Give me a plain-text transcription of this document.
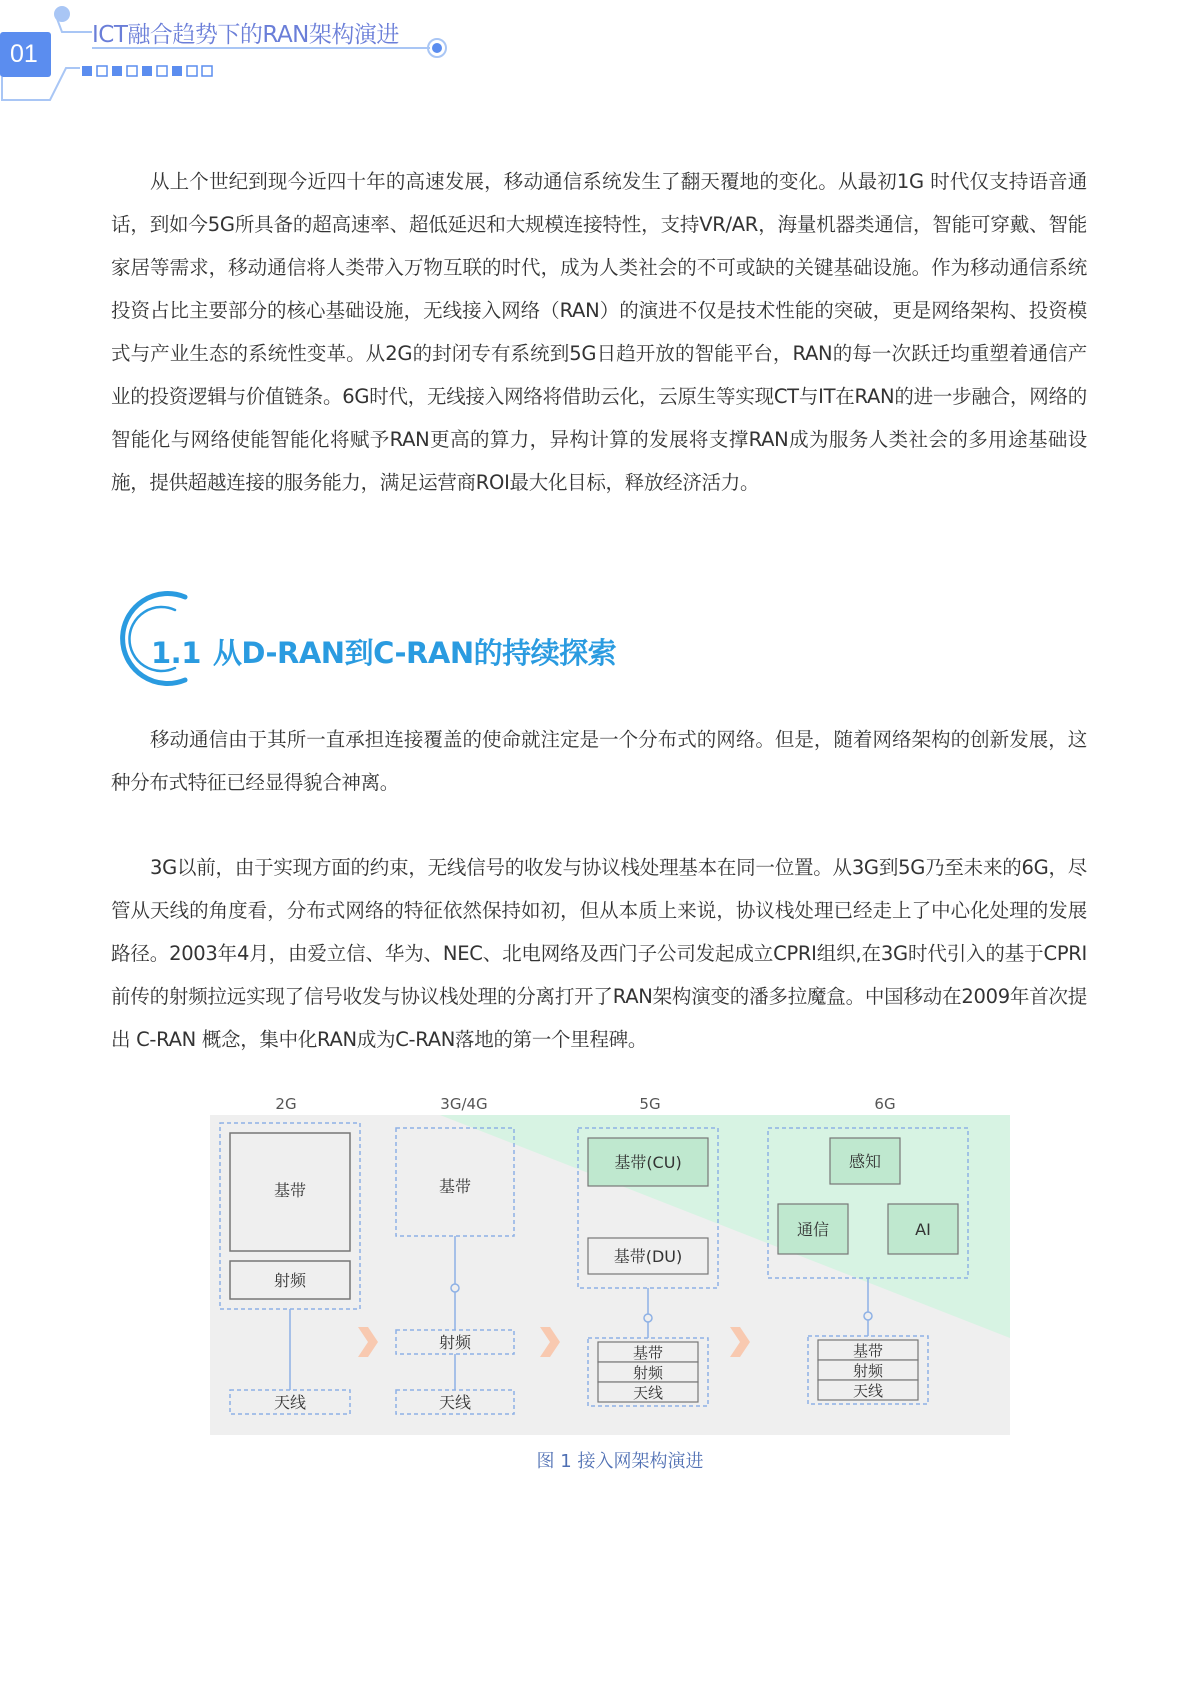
01
ICT融合趋势下的RAN架构演进

从上个世纪到现今近四十年的高速发展，移动通信系统发生了翻天覆地的变化。从最初1G 时代仅支持语音通话，到如今5G所具备的超高速率、超低延迟和大规模连接特性，支持VR/AR，海量机器类通信，智能可穿戴、智能家居等需求，移动通信将人类带入万物互联的时代，成为人类社会的不可或缺的关键基础设施。作为移动通信系统投资占比主要部分的核心基础设施，无线接入网络（RAN）的演进不仅是技术性能的突破，更是网络架构、投资模式与产业生态的系统性变革。从2G的封闭专有系统到5G日趋开放的智能平台，RAN的每一次跃迁均重塑着通信产业的投资逻辑与价值链条。6G时代，无线接入网络将借助云化，云原生等实现CT与IT在RAN的进一步融合，网络的智能化与网络使能智能化将赋予RAN更高的算力，异构计算的发展将支撑RAN成为服务人类社会的多用途基础设施，提供超越连接的服务能力，满足运营商ROI最大化目标，释放经济活力。

1.1 从D-RAN到C-RAN的持续探索

移动通信由于其所一直承担连接覆盖的使命就注定是一个分布式的网络。但是，随着网络架构的创新发展，这种分布式特征已经显得貌合神离。

3G以前，由于实现方面的约束，无线信号的收发与协议栈处理基本在同一位置。从3G到5G乃至未来的6G，尽管从天线的角度看，分布式网络的特征依然保持如初，但从本质上来说，协议栈处理已经走上了中心化处理的发展路径。2003年4月，由爱立信、华为、NEC、北电网络及西门子公司发起成立CPRI组织,在3G时代引入的基于CPRI前传的射频拉远实现了信号收发与协议栈处理的分离打开了RAN架构演变的潘多拉魔盒。中国移动在2009年首次提出 C-RAN 概念，集中化RAN成为C-RAN落地的第一个里程碑。

2G	3G/4G	5G	6G
基带
射频
天线
基带
射频
天线
基带(CU)
基带(DU)
基带
射频
天线
感知
通信	AI
基带
射频
天线
图 1 接入网架构演进
